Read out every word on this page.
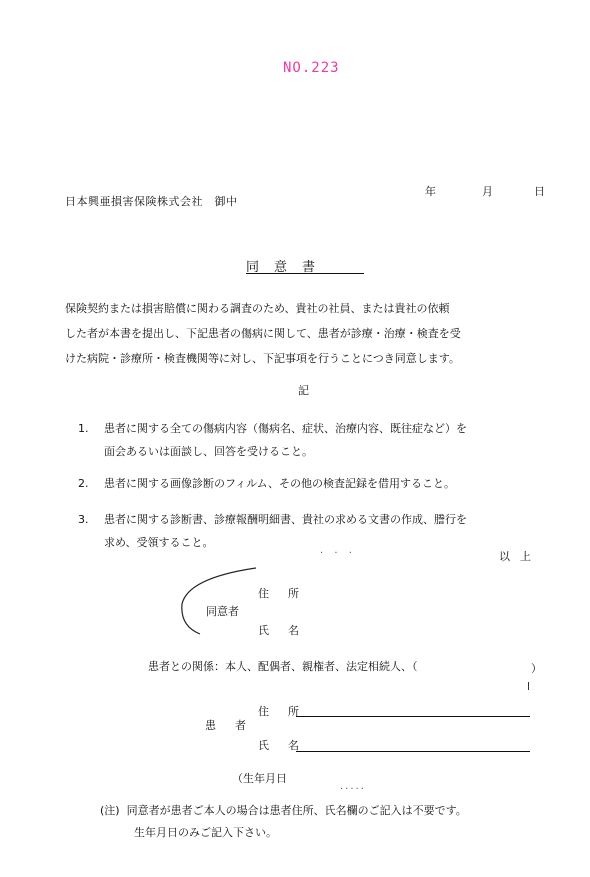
NO.223
年	月	日
日本興亜損害保険株式会社　御中
同　意　書
保険契約または損害賠償に関わる調査のため、貴社の社員、または貴社の依頼
した者が本書を提出し、下記患者の傷病に関して、患者が診療・治療・検査を受
けた病院・診療所・検査機関等に対し、下記事項を行うことにつき同意します。
記
1. 患者に関する全ての傷病内容（傷病名、症状、治療内容、既往症など）を
面会あるいは面談し、回答を受けること。
2. 患者に関する画像診断のフィルム、その他の検査記録を借用すること。
3. 患者に関する診断書、診療報酬明細書、貴社の求める文書の作成、謄行を
求め、受領すること。
· · ·	以上
住　所
同意者
氏　名
患者との関係：本人、配偶者、親権者、法定相続人、（	）
住　所
患　者
氏　名
（生年月日
·····
(注) 同意者が患者ご本人の場合は患者住所、氏名欄のご記入は不要です。
生年月日のみご記入下さい。
